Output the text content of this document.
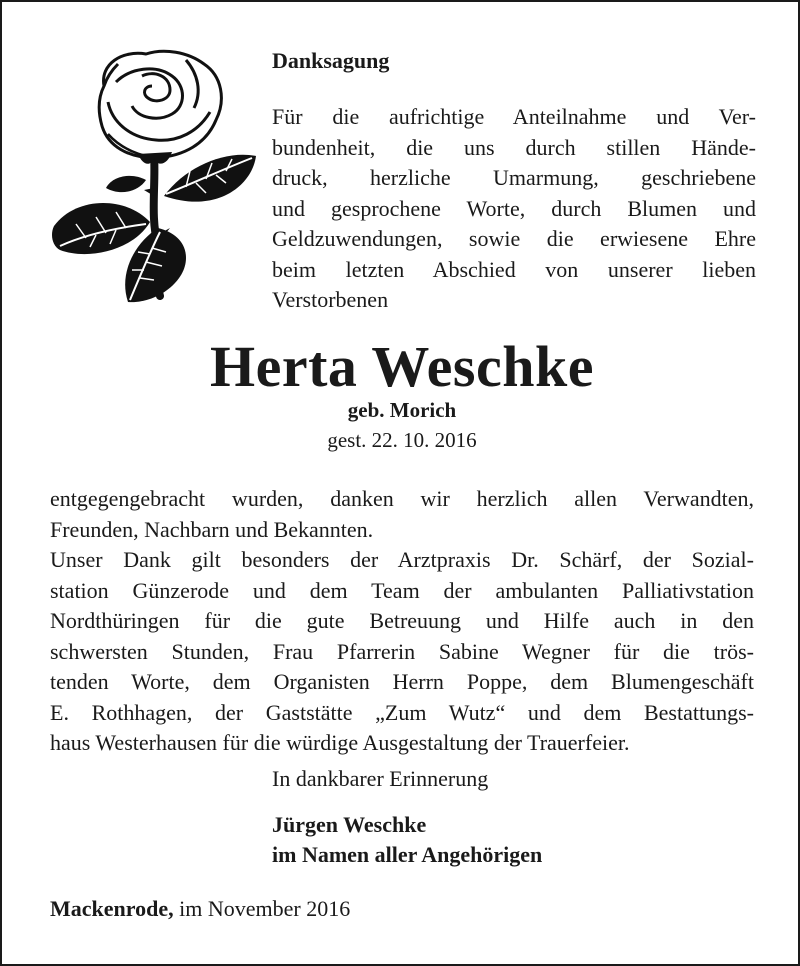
Danksagung
Für die aufrichtige Anteilnahme und Ver-
bundenheit, die uns durch stillen Hände-
druck, herzliche Umarmung, geschriebene
und gesprochene Worte, durch Blumen und
Geldzuwendungen, sowie die erwiesene Ehre
beim letzten Abschied von unserer lieben
Verstorbenen
Herta Weschke
geb. Morich
gest. 22. 10. 2016
entgegengebracht wurden, danken wir herzlich allen Verwandten,
Freunden, Nachbarn und Bekannten.
Unser Dank gilt besonders der Arztpraxis Dr. Schärf, der Sozial-
station Günzerode und dem Team der ambulanten Palliativstation
Nordthüringen für die gute Betreuung und Hilfe auch in den
schwersten Stunden, Frau Pfarrerin Sabine Wegner für die trös-
tenden Worte, dem Organisten Herrn Poppe, dem Blumengeschäft
E. Rothhagen, der Gaststätte „Zum Wutz“ und dem Bestattungs-
haus Westerhausen für die würdige Ausgestaltung der Trauerfeier.
In dankbarer Erinnerung
Jürgen Weschke
im Namen aller Angehörigen
Mackenrode, im November 2016
